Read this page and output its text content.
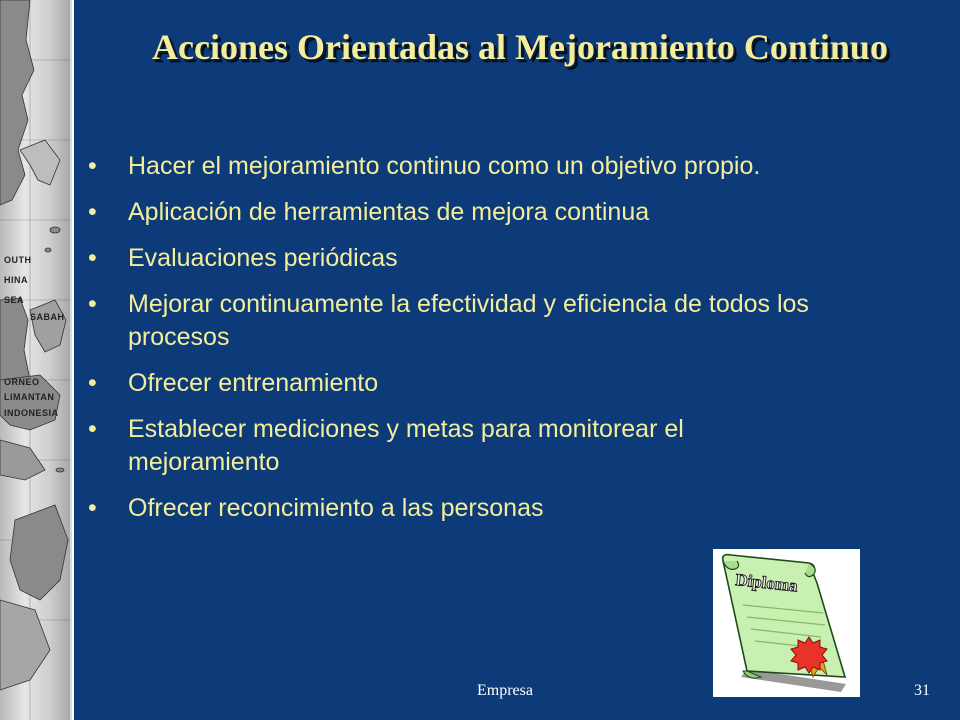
OUTH
HINA
SEA
SABAH
ORNEO
LIMANTAN
INDONESIA
Acciones Orientadas al Mejoramiento Continuo
•	Hacer el mejoramiento continuo como un objetivo propio.
•	Aplicación de herramientas de mejora continua
•	Evaluaciones periódicas
•	Mejorar continuamente la efectividad y eficiencia de todos los procesos
•	Ofrecer entrenamiento
•	Establecer mediciones y metas para monitorear el mejoramiento
•	Ofrecer reconcimiento a las personas
Diploma
Empresa	31
